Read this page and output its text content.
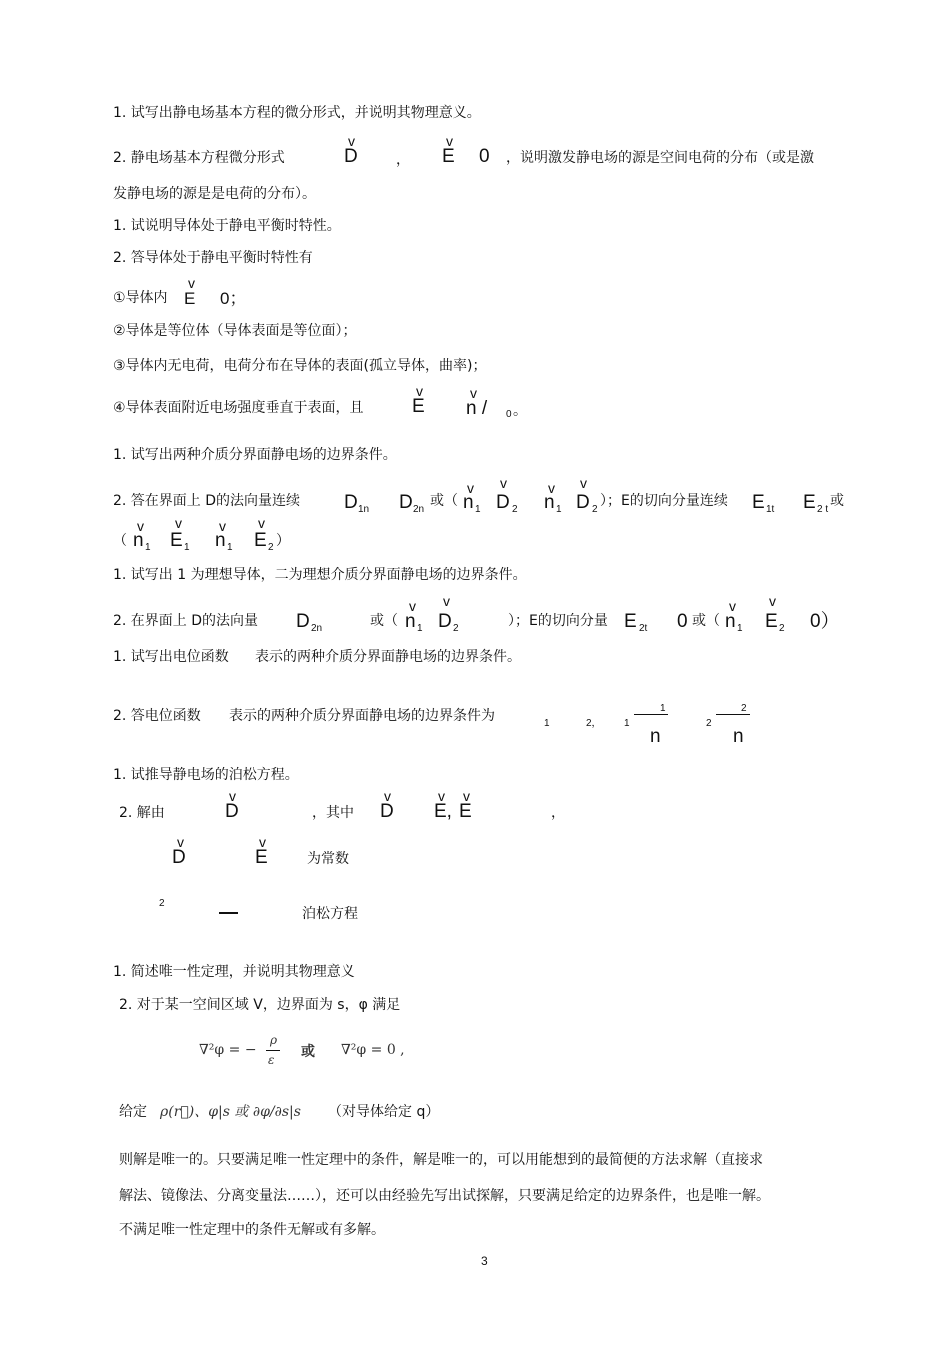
1. 试写出静电场基本方程的微分形式，并说明其物理意义。
2. 静电场基本方程微分形式
v
D	，
v
E 0 ，说明激发静电场的源是空间电荷的分布（或是激
发静电场的源是是电荷的分布）。
1. 试说明导体处于静电平衡时特性。
2. 答导体处于静电平衡时特性有
①导体内
v
E 0；
②导体是等位体（导体表面是等位面）；
③导体内无电荷，电荷分布在导体的表面(孤立导体，曲率)；
④导体表面附近电场强度垂直于表面，且
v
E
v
n / 0 。
1. 试写出两种介质分界面静电场的边界条件。
2. 答在界面上 D的法向量连续 D 1n D 2n
或（
v
n 1
v
D 2
v
n 1
v
D 2
）；E的切向分量连续 E 1t E 2 t
或
（
v
n 1
v
E 1
v
n 1
v
E 2 ）
1. 试写出 1 为理想导体，二为理想介质分界面静电场的边界条件。
2. 在界面上 D的法向量 D 2n	或（
v
n 1
v
D 2	）；E的切向分量 E 2t 0 或（
v
n 1
v
E 2 0）
1. 试写出电位函数 表示的两种介质分界面静电场的边界条件。
2. 答电位函数 表示的两种介质分界面静电场的边界条件为	1	2， 1
1
n
2
2
n
1. 试推导静电场的泊松方程。
2. 解由
v
D	，其中
v
D
v
E,
v
E	，
v
D
v
E	为常数
2
泊松方程
1. 简述唯一性定理，并说明其物理意义
2. 对于某一空间区域 V，边界面为 s，φ 满足
∇²φ = −
ρ
ε 或 ∇²φ = 0 ,
给定 ρ(r⃗)、φ|s 或 ∂φ/∂s|s （对导体给定 q）
则解是唯一的。只要满足唯一性定理中的条件，解是唯一的，可以用能想到的最简便的方法求解（直接求
解法、镜像法、分离变量法……），还可以由经验先写出试探解，只要满足给定的边界条件，也是唯一解。
不满足唯一性定理中的条件无解或有多解。
3
